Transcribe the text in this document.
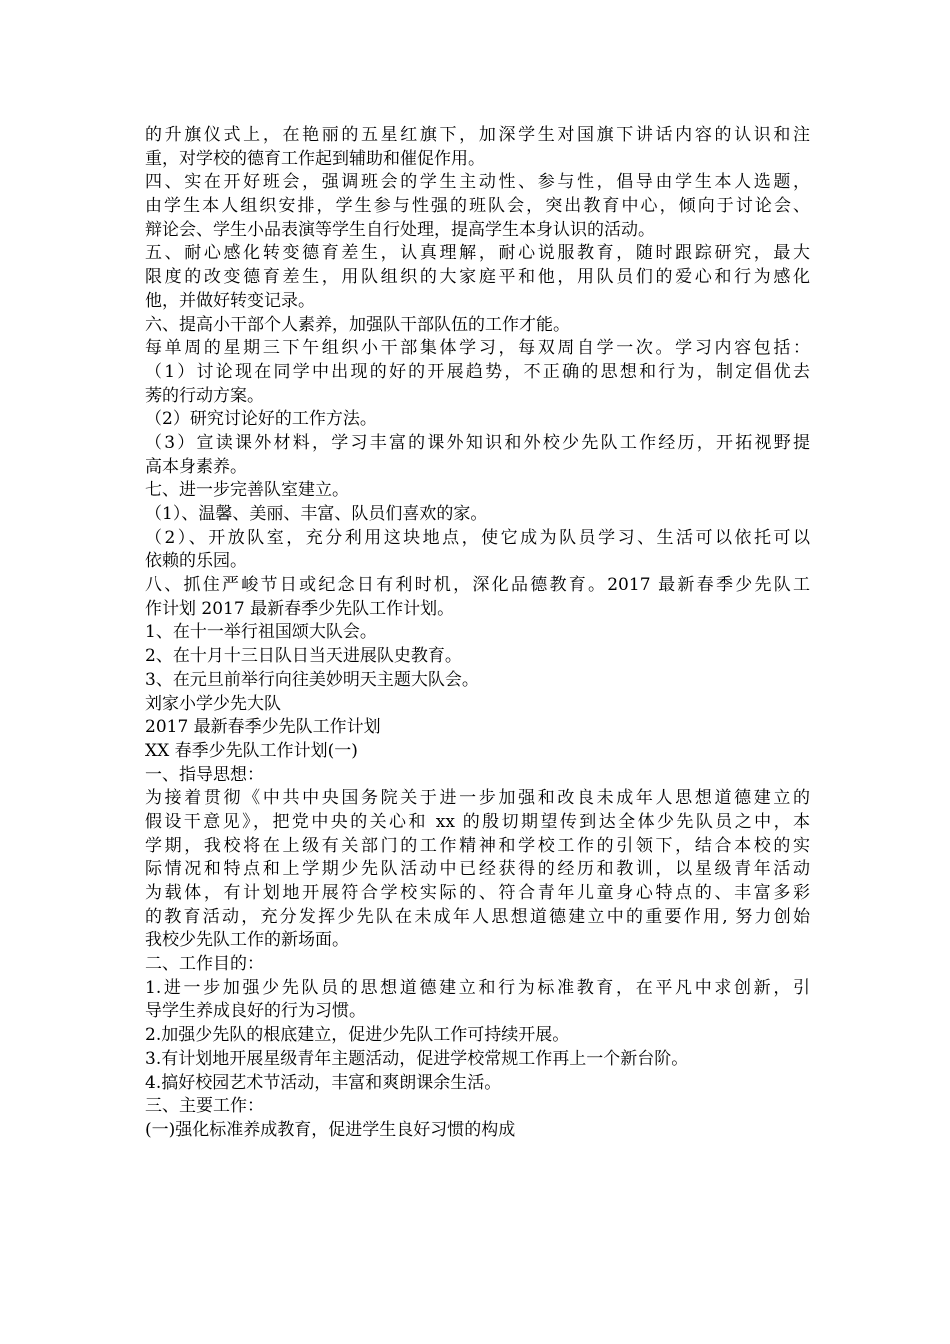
的升旗仪式上，在艳丽的五星红旗下，加深学生对国旗下讲话内容的认识和注
重，对学校的德育工作起到辅助和催促作用。
四、实在开好班会，强调班会的学生主动性、参与性，倡导由学生本人选题，
由学生本人组织安排，学生参与性强的班队会，突出教育中心，倾向于讨论会、
辩论会、学生小品表演等学生自行处理，提高学生本身认识的活动。
五、耐心感化转变德育差生，认真理解，耐心说服教育，随时跟踪研究，最大
限度的改变德育差生，用队组织的大家庭平和他，用队员们的爱心和行为感化
他，并做好转变记录。
六、提高小干部个人素养，加强队干部队伍的工作才能。
每单周的星期三下午组织小干部集体学习，每双周自学一次。学习内容包括：
（1）讨论现在同学中出现的好的开展趋势，不正确的思想和行为，制定倡优去
莠的行动方案。
（2）研究讨论好的工作方法。
（3）宣读课外材料，学习丰富的课外知识和外校少先队工作经历，开拓视野提
高本身素养。
七、进一步完善队室建立。
（1）、温馨、美丽、丰富、队员们喜欢的家。
（2）、开放队室，充分利用这块地点，使它成为队员学习、生活可以依托可以
依赖的乐园。
八、抓住严峻节日或纪念日有利时机，深化品德教育。2017 最新春季少先队工
作计划 2017 最新春季少先队工作计划。
1、在十一举行祖国颂大队会。
2、在十月十三日队日当天进展队史教育。
3、在元旦前举行向往美妙明天主题大队会。
刘家小学少先大队
2017 最新春季少先队工作计划
XX 春季少先队工作计划(一)
一、指导思想：
为接着贯彻《中共中央国务院关于进一步加强和改良未成年人思想道德建立的
假设干意见》，把党中央的关心和 xx 的殷切期望传到达全体少先队员之中，本
学期，我校将在上级有关部门的工作精神和学校工作的引领下，结合本校的实
际情况和特点和上学期少先队活动中已经获得的经历和教训，以星级青年活动
为载体，有计划地开展符合学校实际的、符合青年儿童身心特点的、丰富多彩
的教育活动，充分发挥少先队在未成年人思想道德建立中的重要作用, 努力创始
我校少先队工作的新场面。
二、工作目的：
1.进一步加强少先队员的思想道德建立和行为标准教育，在平凡中求创新，引
导学生养成良好的行为习惯。
2.加强少先队的根底建立，促进少先队工作可持续开展。
3.有计划地开展星级青年主题活动，促进学校常规工作再上一个新台阶。
4.搞好校园艺术节活动，丰富和爽朗课余生活。
三、主要工作：
(一)强化标准养成教育，促进学生良好习惯的构成
